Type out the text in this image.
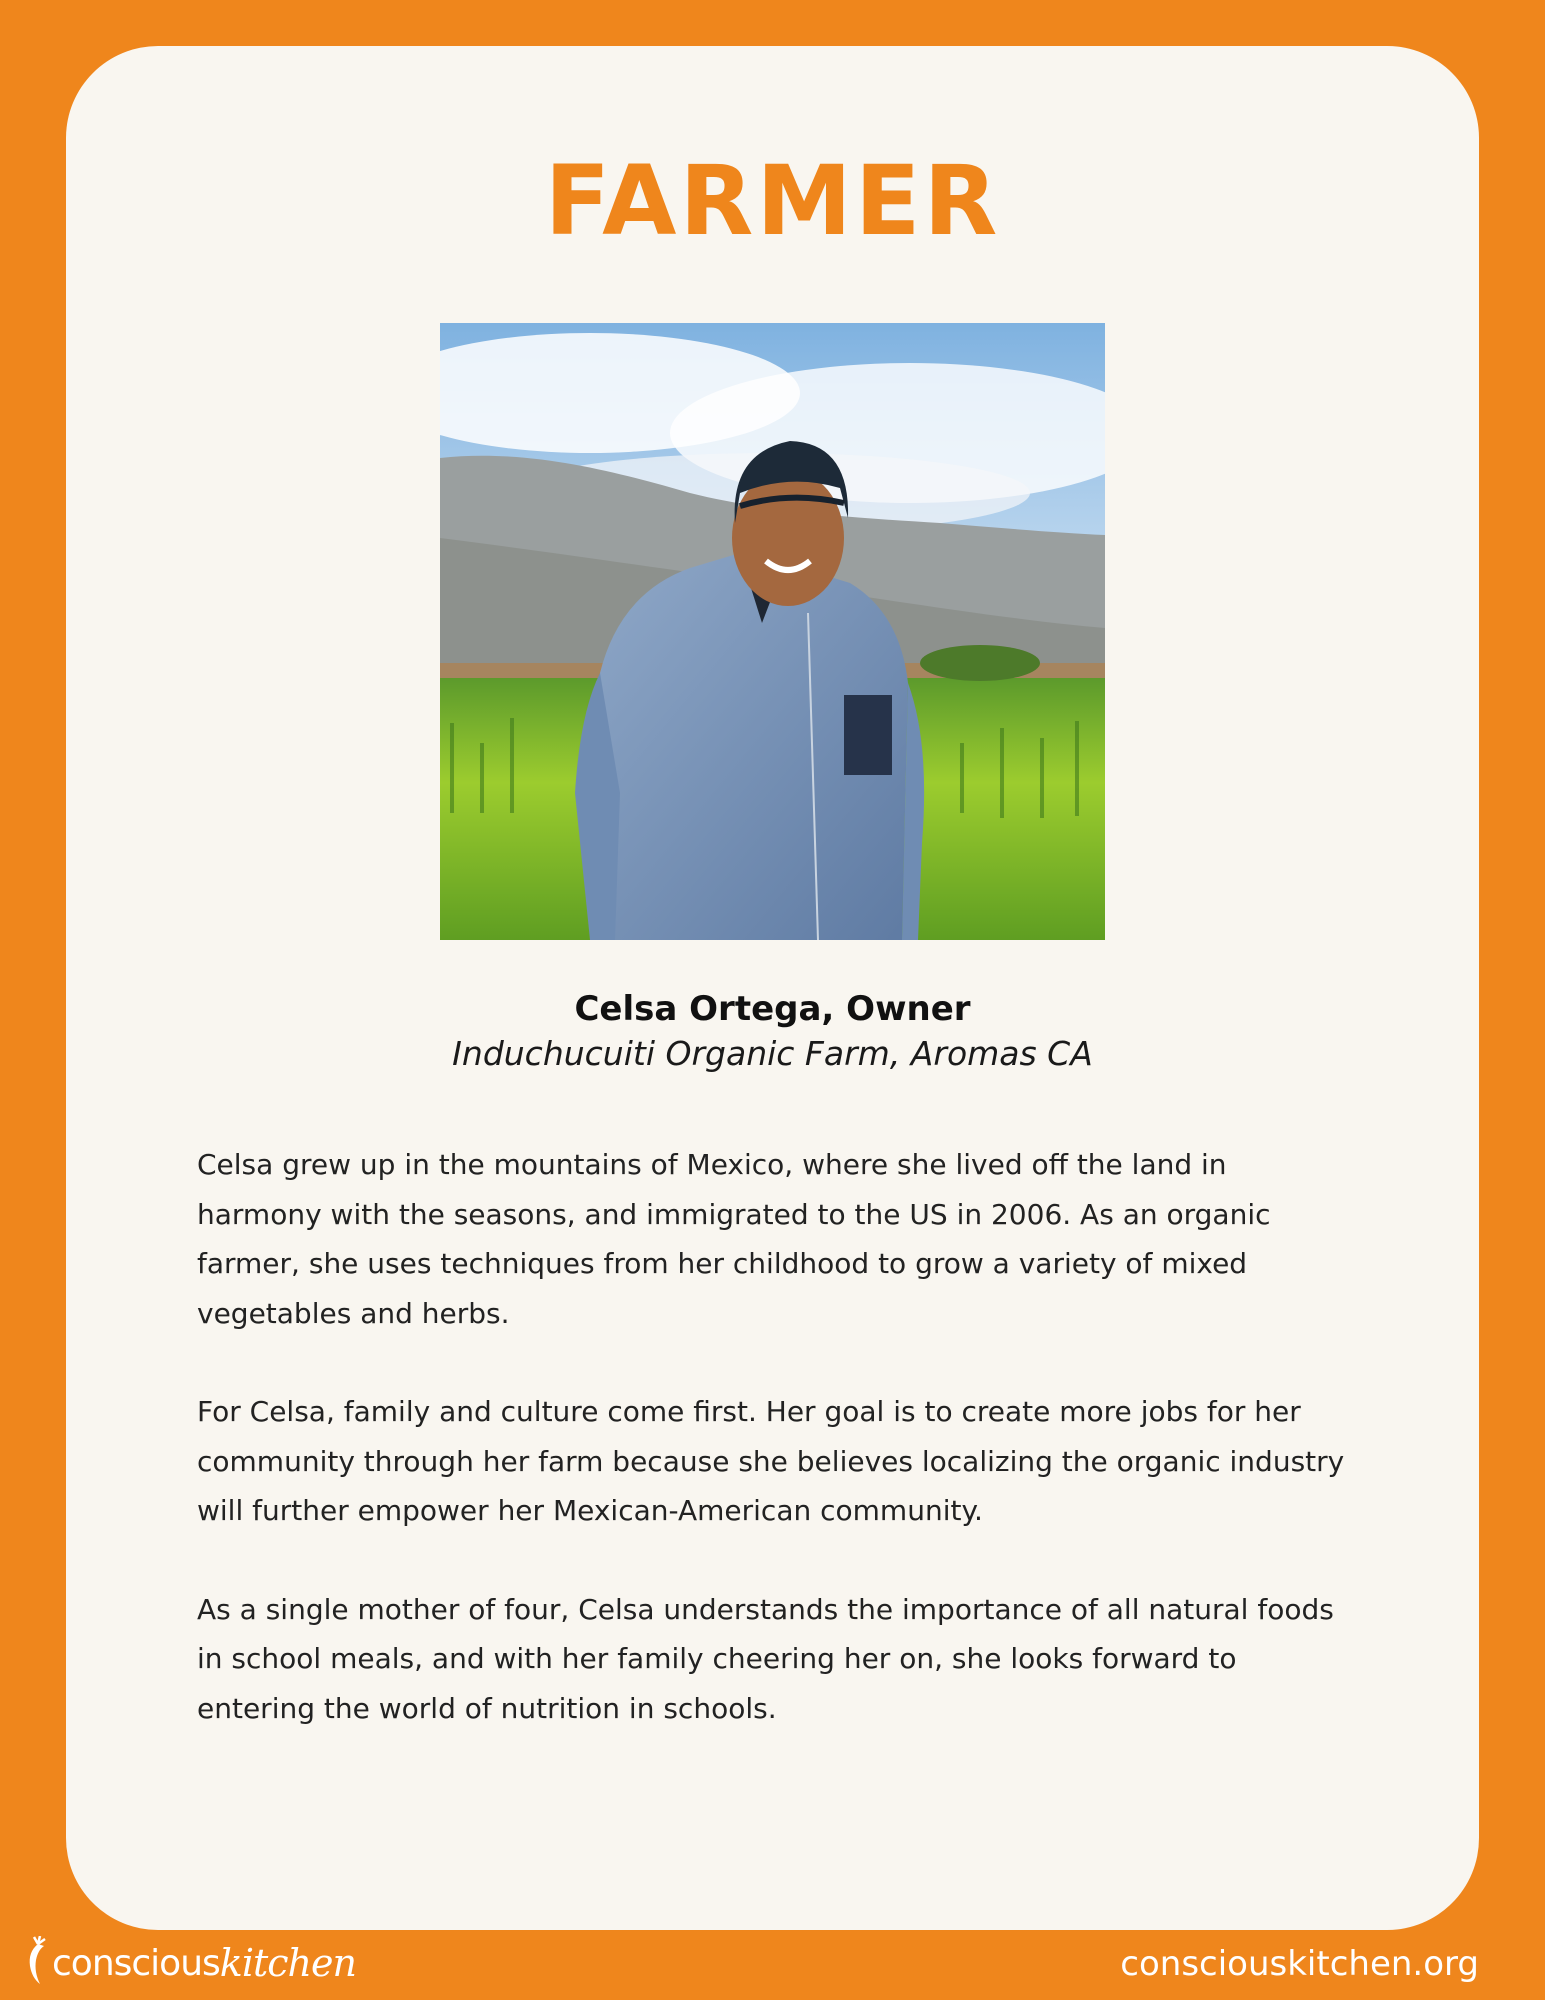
FARMER
Celsa Ortega, Owner
Induchucuiti Organic Farm, Aromas CA

Celsa grew up in the mountains of Mexico, where she lived off the land in harmony with the seasons, and immigrated to the US in 2006. As an organic farmer, she uses techniques from her childhood to grow a variety of mixed vegetables and herbs.

For Celsa, family and culture come first. Her goal is to create more jobs for her community through her farm because she believes localizing the organic industry will further empower her Mexican-American community.

As a single mother of four, Celsa understands the importance of all natural foods in school meals, and with her family cheering her on, she looks forward to entering the world of nutrition in schools.

conscious kitchen	consciouskitchen.org
